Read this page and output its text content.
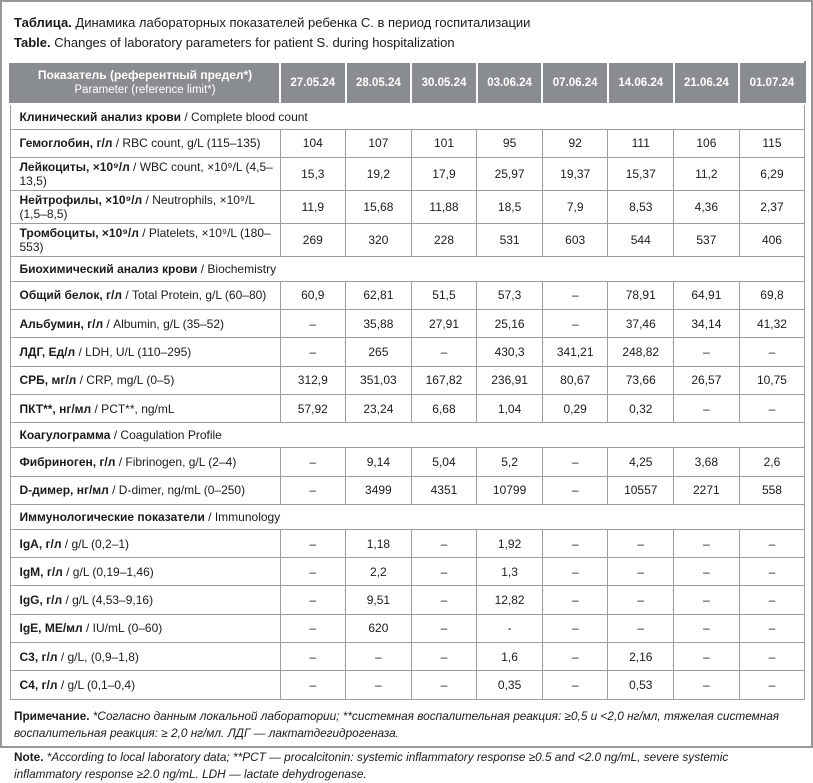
Таблица. Динамика лабораторных показателей ребенка С. в период госпитализации
Table. Changes of laboratory parameters for patient S. during hospitalization
Показатель (референтный предел*)
Parameter (reference limit*)	27.05.24	28.05.24	30.05.24	03.06.24	07.06.24	14.06.24	21.06.24	01.07.24
Клинический анализ крови / Complete blood count								
Гемоглобин, г/л / RBC count, g/L (115–135)	104	107	101	95	92	111	106	115
Лейкоциты, ×10⁹/л / WBC count, ×10⁹/L (4,5–13,5)	15,3	19,2	17,9	25,97	19,37	15,37	11,2	6,29
Нейтрофилы, ×10⁹/л / Neutrophils, ×10⁹/L (1,5–8,5)	11,9	15,68	11,88	18,5	7,9	8,53	4,36	2,37
Тромбоциты, ×10⁹/л / Platelets, ×10⁹/L (180–553)	269	320	228	531	603	544	537	406
Биохимический анализ крови / Biochemistry								
Общий белок, г/л / Total Protein, g/L (60–80)	60,9	62,81	51,5	57,3	–	78,91	64,91	69,8
Альбумин, г/л / Albumin, g/L (35–52)	–	35,88	27,91	25,16	–	37,46	34,14	41,32
ЛДГ, Ед/л / LDH, U/L (110–295)	–	265	–	430,3	341,21	248,82	–	–
СРБ, мг/л / CRP, mg/L (0–5)	312,9	351,03	167,82	236,91	80,67	73,66	26,57	10,75
ПКТ**, нг/мл / PCT**, ng/mL	57,92	23,24	6,68	1,04	0,29	0,32	–	–
Коагулограмма / Coagulation Profile								
Фибриноген, г/л / Fibrinogen, g/L (2–4)	–	9,14	5,04	5,2	–	4,25	3,68	2,6
D-димер, нг/мл / D-dimer, ng/mL (0–250)	–	3499	4351	10799	–	10557	2271	558
Иммунологические показатели / Immunology								
IgA, г/л / g/L (0,2–1)	–	1,18	–	1,92	–	–	–	–
IgM, г/л / g/L (0,19–1,46)	–	2,2	–	1,3	–	–	–	–
IgG, г/л / g/L (4,53–9,16)	–	9,51	–	12,82	–	–	–	–
IgE, МЕ/мл / IU/mL (0–60)	–	620	–	-	–	–	–	–
C3, г/л / g/L, (0,9–1,8)	–	–	–	1,6	–	2,16	–	–
C4, г/л / g/L (0,1–0,4)	–	–	–	0,35	–	0,53	–	–

Примечание. *Согласно данным локальной лаборатории; **системная воспалительная реакция: ≥0,5 и <2,0 нг/мл, тяжелая системная воспалительная реакция: ≥ 2,0 нг/мл. ЛДГ — лактатдегидрогеназа.

Note. *According to local laboratory data; **PCT — procalcitonin: systemic inflammatory response ≥0.5 and <2.0 ng/mL, severe systemic inflammatory response ≥2.0 ng/mL. LDH — lactate dehydrogenase.
